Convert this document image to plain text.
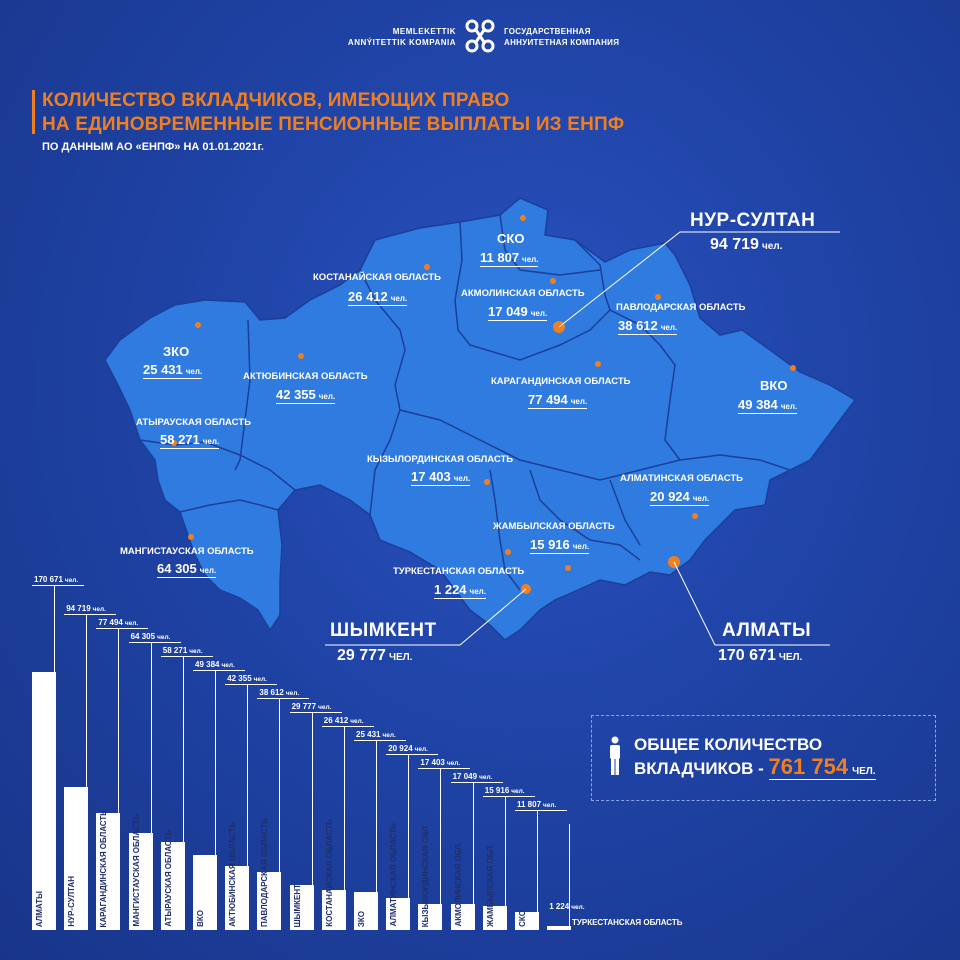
MEMLEKETTIK
ANNÝITETTIK KOMPANIA
ГОСУДАРСТВЕННАЯ
АННУИТЕТНАЯ КОМПАНИЯ
КОЛИЧЕСТВО ВКЛАДЧИКОВ, ИМЕЮЩИХ ПРАВО
НА ЕДИНОВРЕМЕННЫЕ ПЕНСИОННЫЕ ВЫПЛАТЫ ИЗ ЕНПФ
ПО ДАННЫМ АО «ЕНПФ» НА 01.01.2021г.
СКО
11 807 чел.
КОСТАНАЙСКАЯ ОБЛАСТЬ
26 412 чел.	АКМОЛИНСКАЯ ОБЛАСТЬ
17 049 чел.
ПАВЛОДАРСКАЯ ОБЛАСТЬ
38 612 чел.
ЗКО
25 431 чел.	АКТЮБИНСКАЯ ОБЛАСТЬ
42 355 чел.
КАРАГАНДИНСКАЯ ОБЛАСТЬ
77 494 чел.
ВКО
49 384 чел.
АТЫРАУСКАЯ ОБЛАСТЬ
58 271 чел.
КЫЗЫЛОРДИНСКАЯ ОБЛАСТЬ
17 403 чел.	АЛМАТИНСКАЯ ОБЛАСТЬ
20 924 чел.
ЖАМБЫЛСКАЯ ОБЛАСТЬ
15 916 чел.
МАНГИСТАУСКАЯ ОБЛАСТЬ
64 305 чел.	ТУРКЕСТАНСКАЯ ОБЛАСТЬ
1 224 чел.
НУР-СУЛТАН
94 719 чел.
ШЫМКЕНТ
29 777 ЧЕЛ.
АЛМАТЫ
170 671 ЧЕЛ.
ОБЩЕЕ КОЛИЧЕСТВО
ВКЛАДЧИКОВ - 761 754 ЧЕЛ.
170 671 чел.
АЛМАТЫ
94 719 чел.
НУР-СУЛТАН
77 494 чел.
КАРАГАНДИНСКАЯ ОБЛАСТЬ
64 305 чел.
МАНГИСТАУСКАЯ ОБЛАСТЬ
58 271 чел.
АТЫРАУСКАЯ ОБЛАСТЬ
49 384 чел.
ВКО
42 355 чел.
АКТЮБИНСКАЯ ОБЛАСТЬ
38 612 чел.
ПАВЛОДАРСКАЯ ОБЛАСТЬ
29 777 чел.
ШЫМКЕНТ
26 412 чел.
КОСТАНАЙСКАЯ ОБЛАСТЬ
25 431 чел.
ЗКО
20 924 чел.
АЛМАТИНСКАЯ ОБЛАСТЬ
17 403 чел.
КЫЗЫЛОРДИНСКАЯ ОБЛ
17 049 чел.
АКМОЛИНСКАЯ ОБЛ.
15 916 чел.
ЖАМБЫЛСКАЯ ОБЛ.
11 807 чел.
СКО
1 224 чел.
ТУРКЕСТАНСКАЯ ОБЛАСТЬ
